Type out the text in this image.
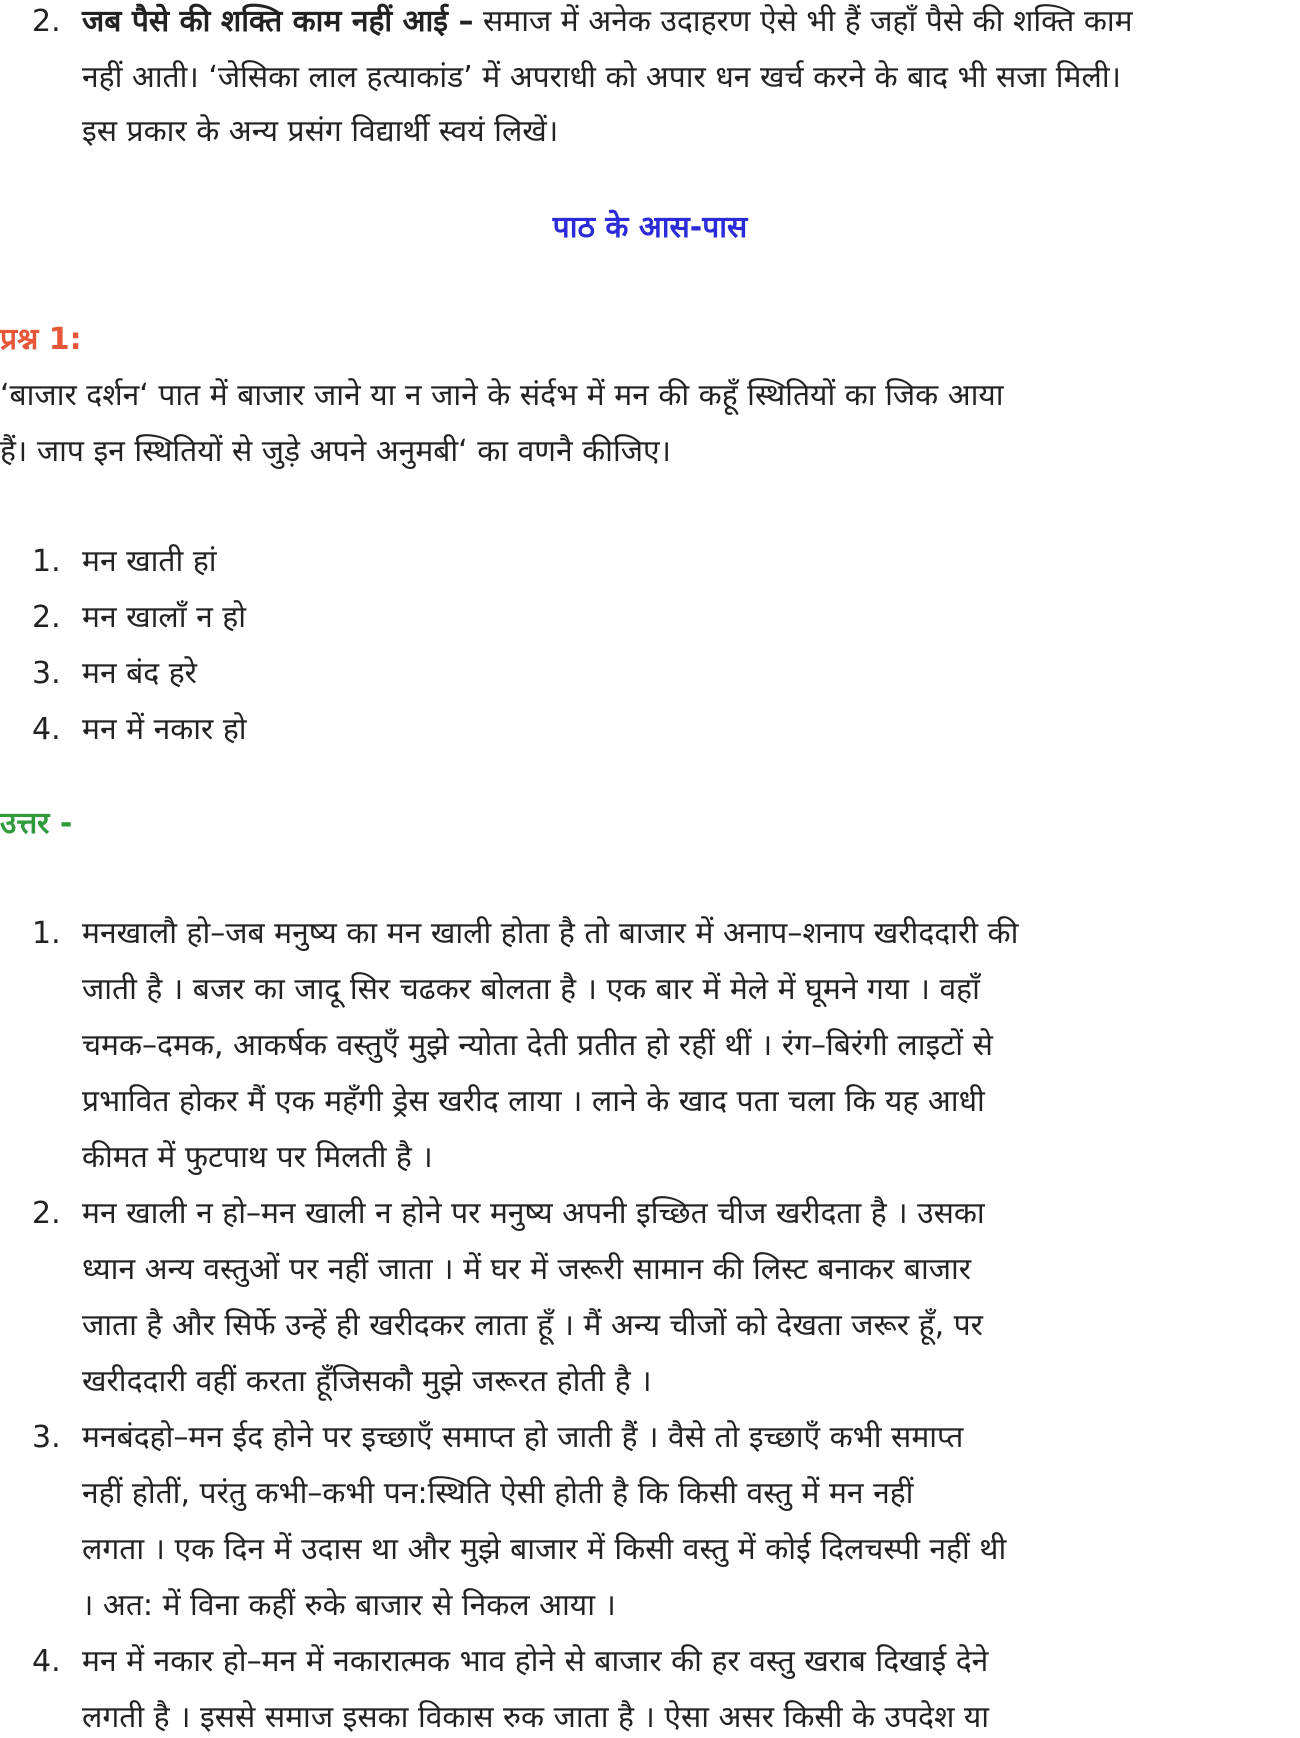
2. जब पैसे की शक्ति काम नहीं आई – समाज में अनेक उदाहरण ऐसे भी हैं जहाँ पैसे की शक्ति काम
नहीं आती। ‘जेसिका लाल हत्याकांड’ में अपराधी को अपार धन खर्च करने के बाद भी सजा मिली।
इस प्रकार के अन्य प्रसंग विद्यार्थी स्वयं लिखें।
पाठ के आस-पास
प्रश्न 1:
‘बाजार दर्शन‘ पात में बाजार जाने या न जाने के संर्दभ में मन की कहूँ स्थितियों का जिक आया
हैं। जाप इन स्थितियों से जुड़े अपने अनुमबी‘ का वणनै कीजिए।
1. मन खाती हां
2. मन खालाँ न हो
3. मन बंद हरे
4. मन में नकार हो
उत्तर -
1. मनखालौ हो–जब मनुष्य का मन खाली होता है तो बाजार में अनाप–शनाप खरीददारी की
जाती है । बजर का जादू सिर चढकर बोलता है । एक बार में मेले में घूमने गया । वहाँ
चमक–दमक, आकर्षक वस्तुएँ मुझे न्योता देती प्रतीत हो रहीं थीं । रंग–बिरंगी लाइटों से
प्रभावित होकर मैं एक महँगी ड्रेस खरीद लाया । लाने के खाद पता चला कि यह आधी
कीमत में फुटपाथ पर मिलती है ।
2. मन खाली न हो–मन खाली न होने पर मनुष्य अपनी इच्छित चीज खरीदता है । उसका
ध्यान अन्य वस्तुओं पर नहीं जाता । में घर में जरूरी सामान की लिस्ट बनाकर बाजार
जाता है और सिर्फे उन्हें ही खरीदकर लाता हूँ । मैं अन्य चीजों को देखता जरूर हूँ, पर
खरीददारी वहीं करता हूँजिसकौ मुझे जरूरत होती है ।
3. मनबंदहो–मन ईद होने पर इच्छाएँ समाप्त हो जाती हैं । वैसे तो इच्छाएँ कभी समाप्त
नहीं होतीं, परंतु कभी–कभी पन:स्थिति ऐसी होती है कि किसी वस्तु में मन नहीं
लगता । एक दिन में उदास था और मुझे बाजार में किसी वस्तु में कोई दिलचस्पी नहीं थी
। अत: में विना कहीं रुके बाजार से निकल आया ।
4. मन में नकार हो–मन में नकारात्मक भाव होने से बाजार की हर वस्तु खराब दिखाई देने
लगती है । इससे समाज इसका विकास रुक जाता है । ऐसा असर किसी के उपदेश या
